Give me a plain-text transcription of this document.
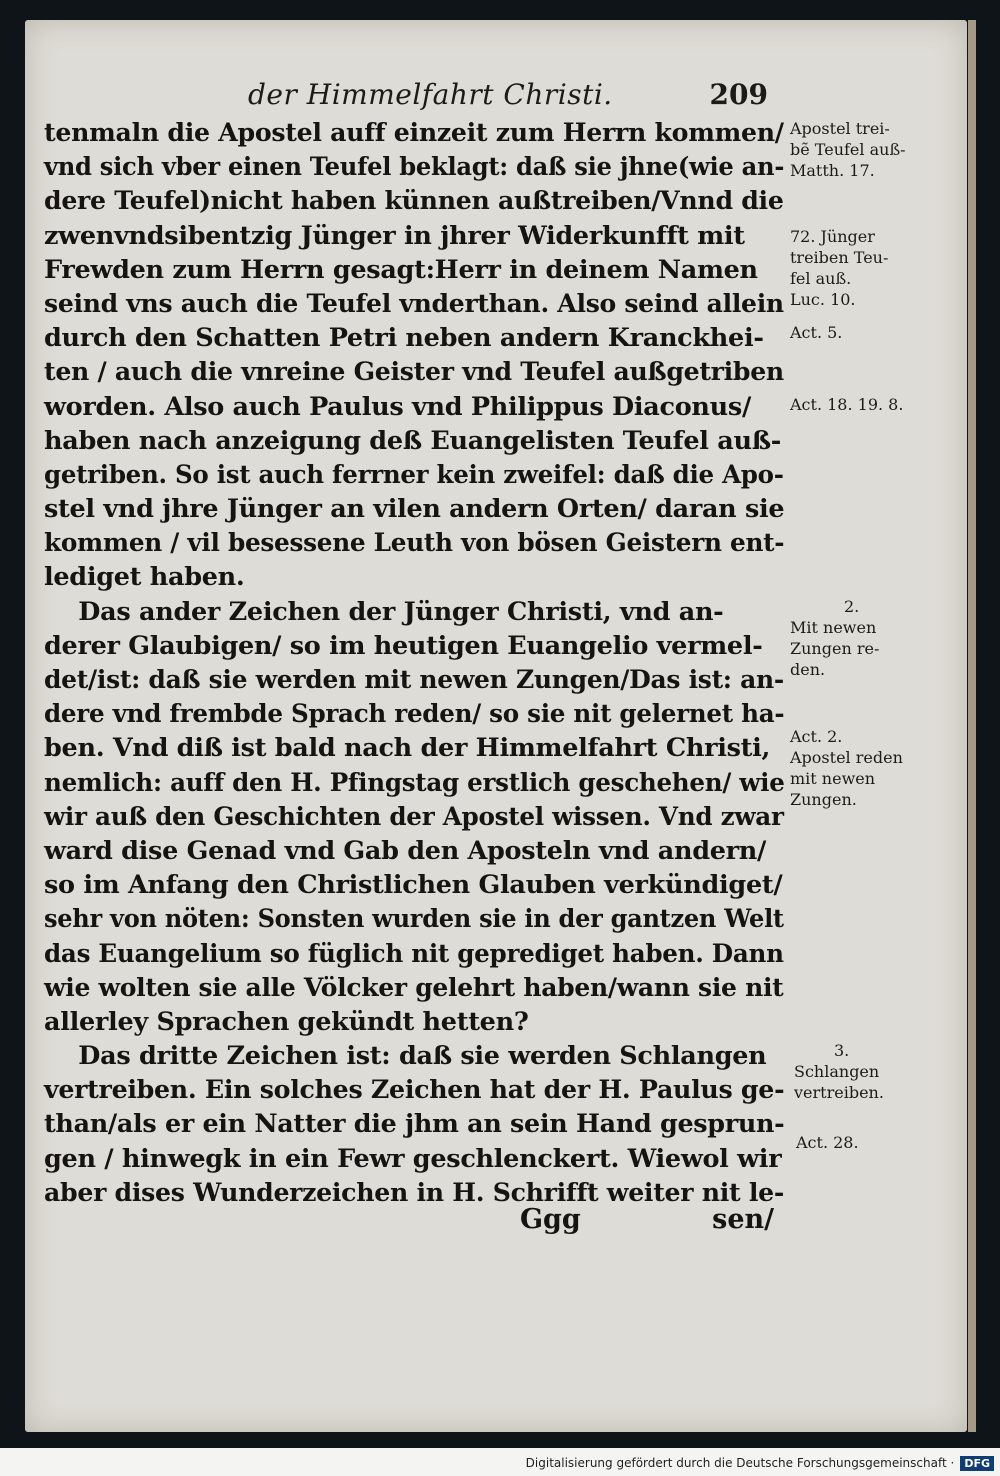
der Himmelfahrt Christi.	209
tenmaln die Apostel auff einzeit zum Herrn kommen/
vnd sich vber einen Teufel beklagt: daß sie jhne(wie an-
dere Teufel)nicht haben künnen außtreiben/Vnnd die
zwenvndsibentzig Jünger in jhrer Widerkunfft mit
Frewden zum Herrn gesagt:Herr in deinem Namen
seind vns auch die Teufel vnderthan. Also seind allein
durch den Schatten Petri neben andern Kranckhei-
ten / auch die vnreine Geister vnd Teufel außgetriben
worden. Also auch Paulus vnd Philippus Diaconus/
haben nach anzeigung deß Euangelisten Teufel auß-
getriben. So ist auch ferrner kein zweifel: daß die Apo-
stel vnd jhre Jünger an vilen andern Orten/ daran sie
kommen / vil besessene Leuth von bösen Geistern ent-
lediget haben.
Das ander Zeichen der Jünger Christi, vnd an-
derer Glaubigen/ so im heutigen Euangelio vermel-
det/ist: daß sie werden mit newen Zungen/Das ist: an-
dere vnd frembde Sprach reden/ so sie nit gelernet ha-
ben. Vnd diß ist bald nach der Himmelfahrt Christi,
nemlich: auff den H. Pfingstag erstlich geschehen/ wie
wir auß den Geschichten der Apostel wissen. Vnd zwar
ward dise Genad vnd Gab den Aposteln vnd andern/
so im Anfang den Christlichen Glauben verkündiget/
sehr von nöten: Sonsten wurden sie in der gantzen Welt
das Euangelium so füglich nit geprediget haben. Dann
wie wolten sie alle Völcker gelehrt haben/wann sie nit
allerley Sprachen gekündt hetten?
Das dritte Zeichen ist: daß sie werden Schlangen
vertreiben. Ein solches Zeichen hat der H. Paulus ge-
than/als er ein Natter die jhm an sein Hand gesprun-
gen / hinwegk in ein Fewr geschlenckert. Wiewol wir
aber dises Wunderzeichen in H. Schrifft weiter nit le-
Ggg	sen/
Apostel trei-
bẽ Teufel auß-
Matth. 17.
72. Jünger
treiben Teu-
fel auß.
Luc. 10.
Act. 5.
Act. 18. 19. 8.
2.
Mit newen
Zungen re-
den.
Act. 2.
Apostel reden
mit newen
Zungen.
3.
Schlangen
vertreiben.
Act. 28.
Digitalisierung gefördert durch die Deutsche Forschungsgemeinschaft · DFG
